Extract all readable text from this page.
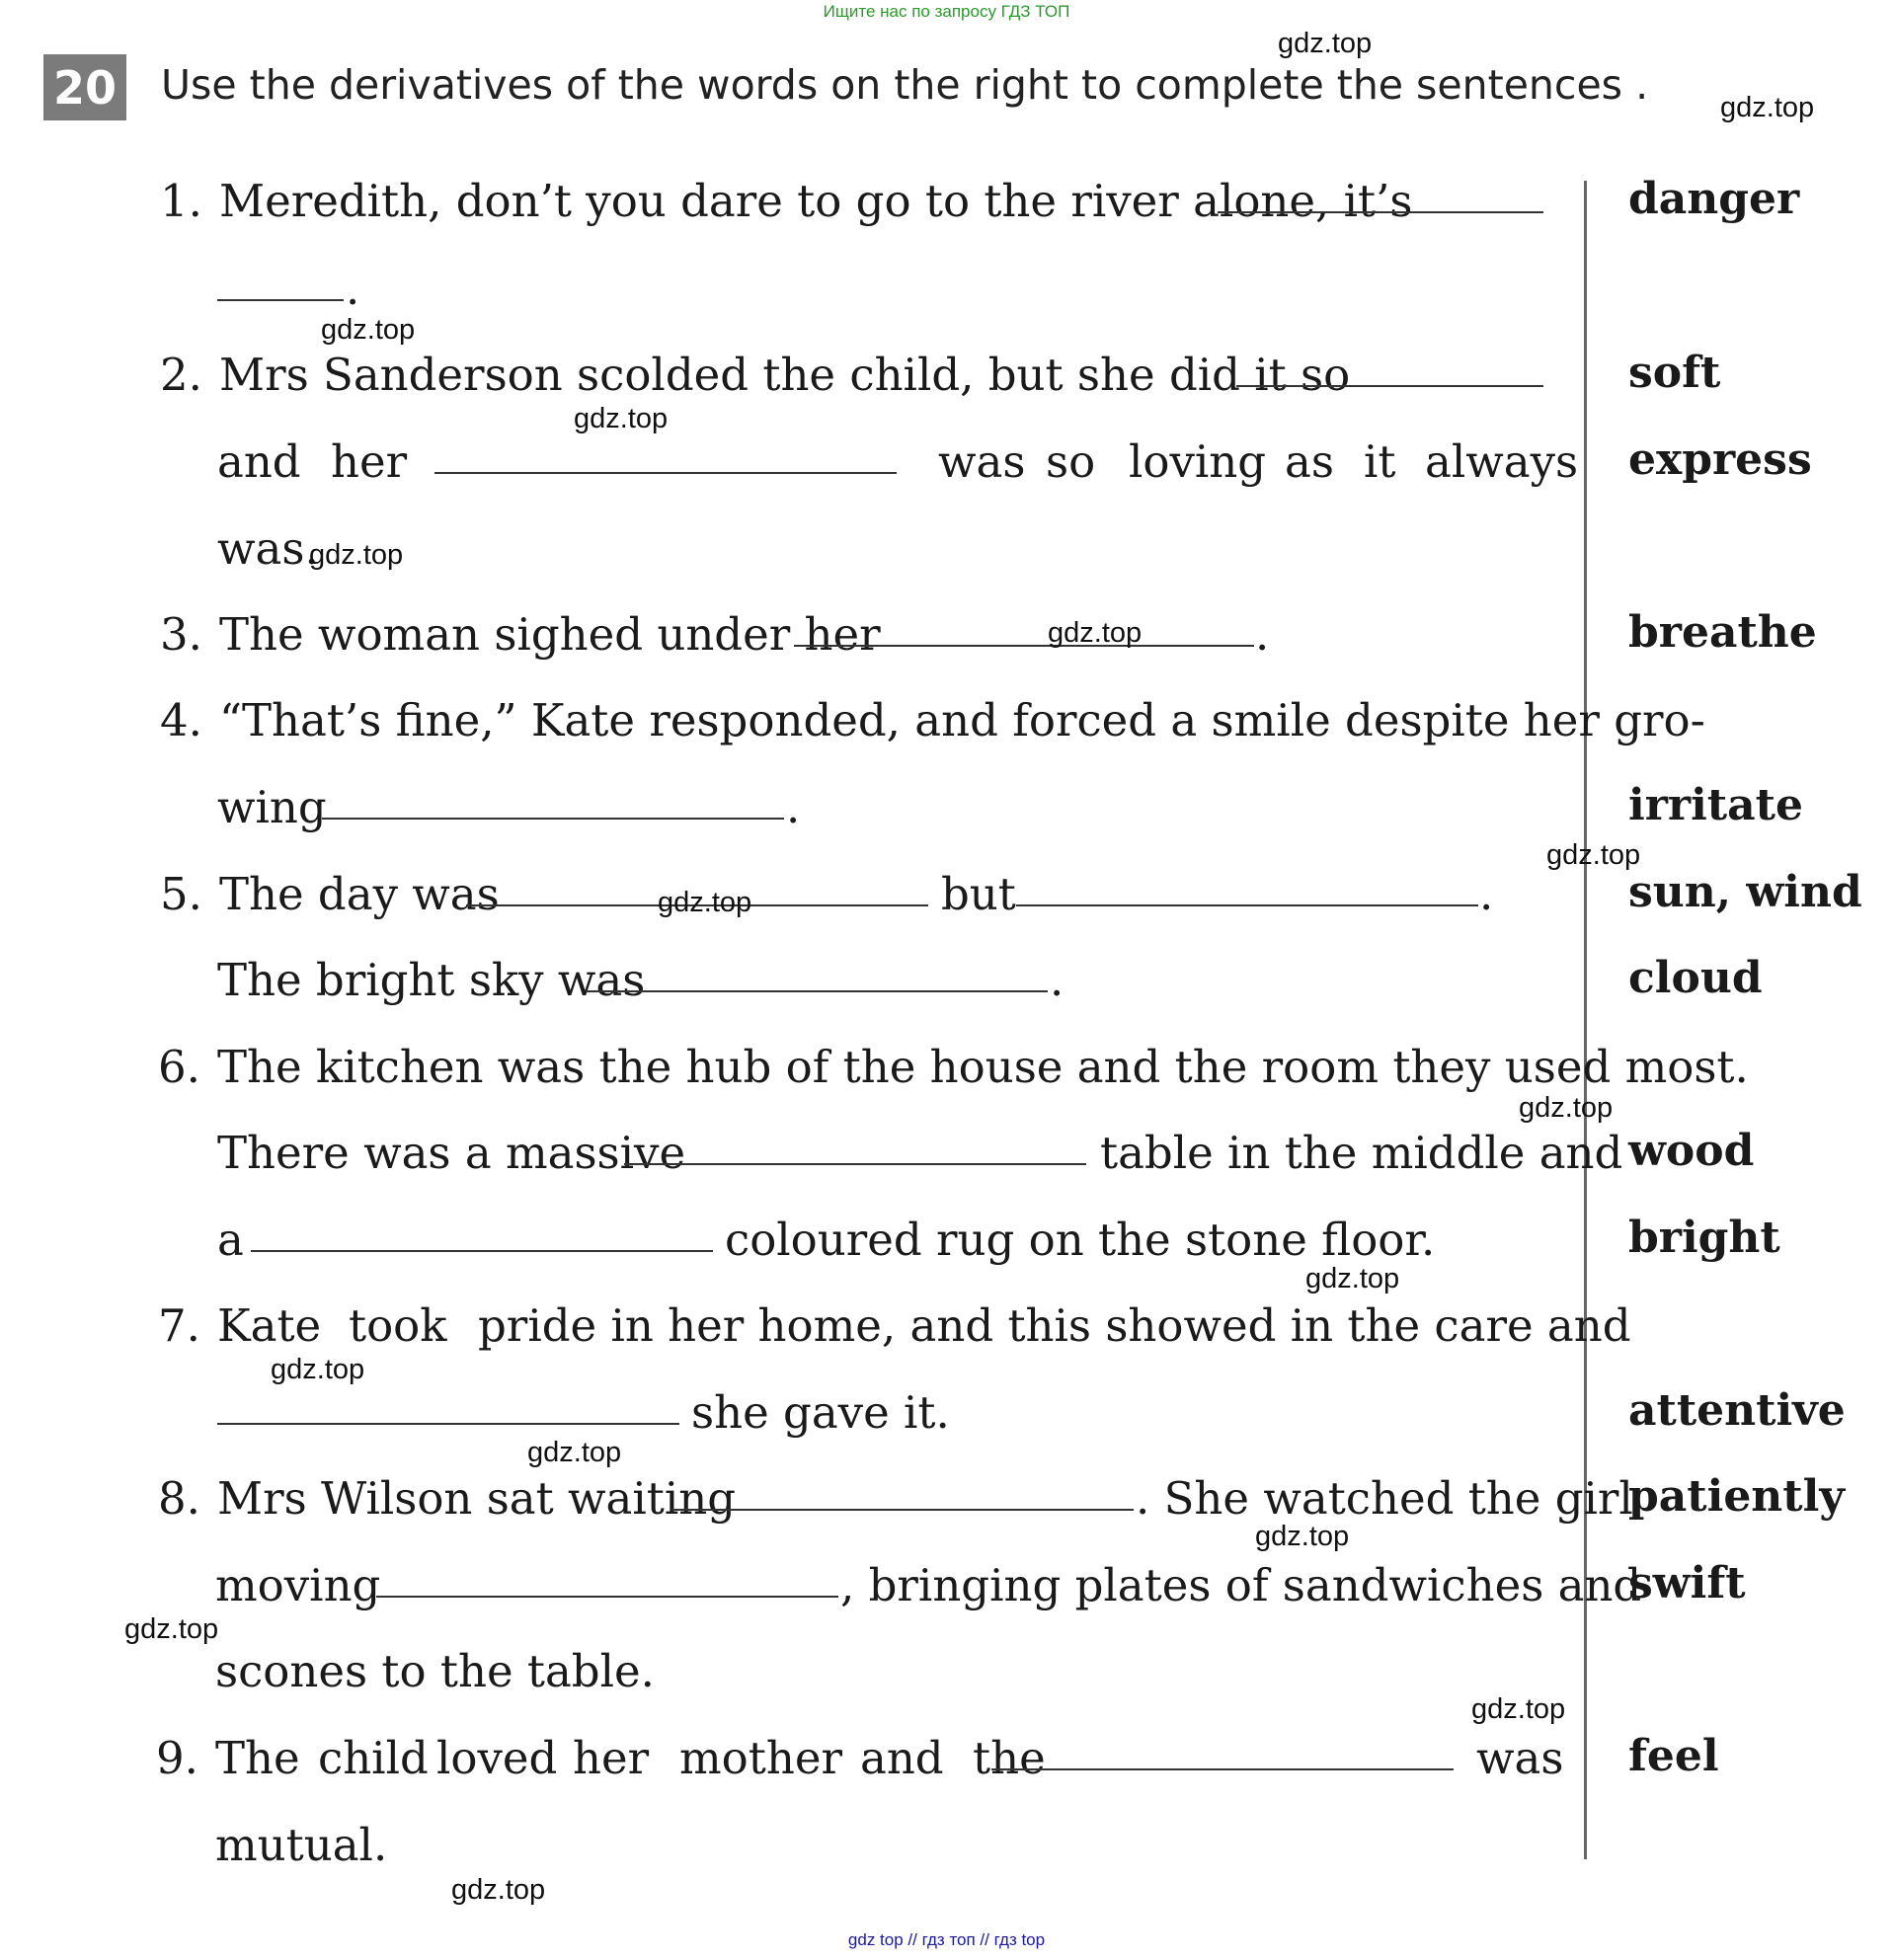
Ищите нас по запросу ГДЗ ТОП
20 Use the derivatives of the words on the right to complete the sentences .
1. Meredith, don’t you dare to go to the river alone, it’s
.
2. Mrs Sanderson scolded the child, but she did it so
and her	was so loving as it always
was.
3. The woman sighed under her	.
4. “That’s fine,” Kate responded, and forced a smile despite her gro-
wing	.
5. The day was	but	.
The bright sky was	.
6. The kitchen was the hub of the house and the room they used most.
There was a massive	table in the middle and
a	coloured rug on the stone floor.
7. Kate took pride in her home, and this showed in the care and
she gave it.
8. Mrs Wilson sat waiting	. She watched the girl
moving	, bringing plates of sandwiches and
scones to the table.
9. The child loved her mother and the	was
mutual.
danger
soft
express
breathe
irritate
sun, wind
cloud
wood
bright
attentive
patiently
swift
feel
gdz.top
gdz.top
gdz.top
gdz.top
gdz.top
gdz.top
gdz.top
gdz.top
gdz.top
gdz.top
gdz.top
gdz.top
gdz.top
gdz.top
gdz.top
gdz.top
gdz top // гдз топ // гдз top
